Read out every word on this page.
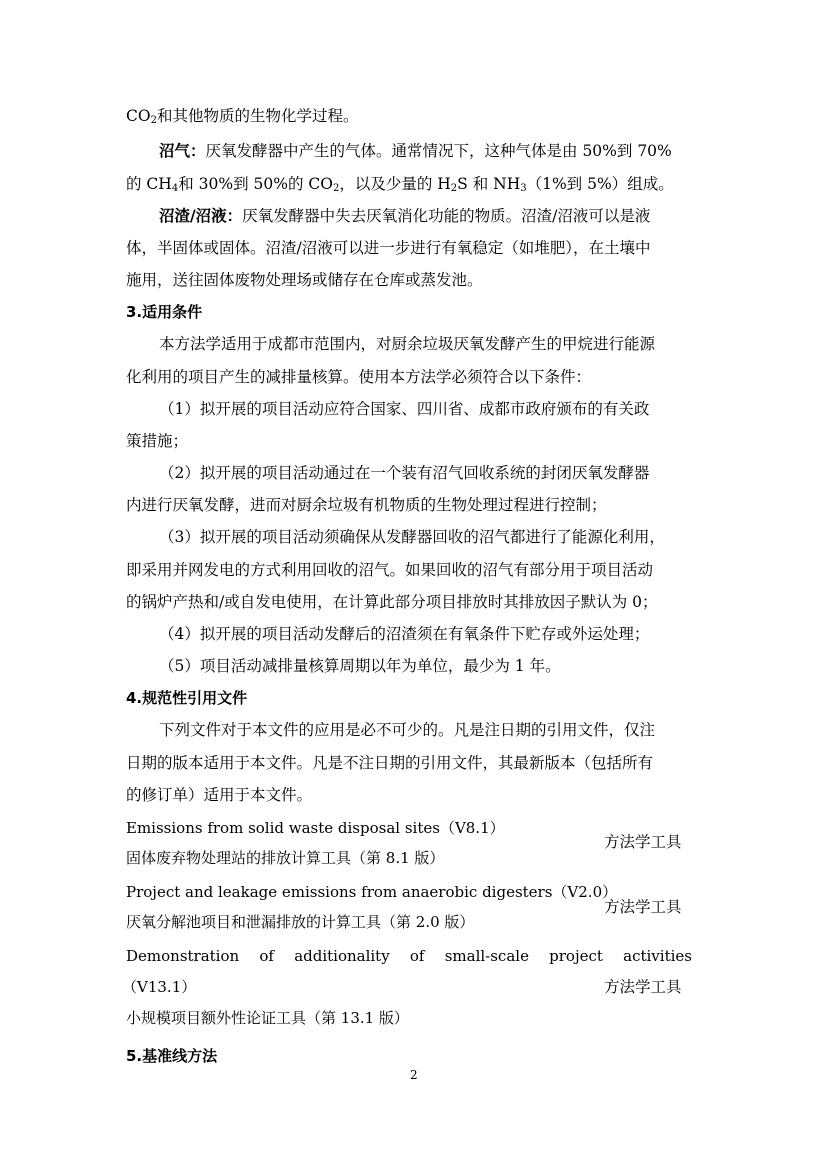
$CO_2$和其他物质的生物化学过程。
沼气：厌氧发酵器中产生的气体。通常情况下，这种气体是由 50%到 70%
的 $CH_4$和 30%到 50%的 $CO_2$，以及少量的 $H_2S$ 和 $NH_3(1\%$到 5%）组成。
沼渣/沼液：厌氧发酵器中失去厌氧消化功能的物质。沼渣/沼液可以是液
体，半固体或固体。沼渣/沼液可以进一步进行有氧稳定（如堆肥），在土壤中
施用，送往固体废物处理场或储存在仓库或蒸发池。
3.适用条件
本方法学适用于成都市范围内，对厨余垃圾厌氧发酵产生的甲烷进行能源
化利用的项目产生的减排量核算。使用本方法学必须符合以下条件：
（1）拟开展的项目活动应符合国家、四川省、成都市政府颁布的有关政
策措施；
（2）拟开展的项目活动通过在一个装有沼气回收系统的封闭厌氧发酵器
内进行厌氧发酵，进而对厨余垃圾有机物质的生物处理过程进行控制；
（3）拟开展的项目活动须确保从发酵器回收的沼气都进行了能源化利用，
即采用并网发电的方式利用回收的沼气。如果回收的沼气有部分用于项目活动
的锅炉产热和/或自发电使用，在计算此部分项目排放时其排放因子默认为 0；
（4）拟开展的项目活动发酵后的沼渣须在有氧条件下贮存或外运处理；
（5）项目活动减排量核算周期以年为单位，最少为 1 年。
4.规范性引用文件
下列文件对于本文件的应用是必不可少的。凡是注日期的引用文件，仅注
日期的版本适用于本文件。凡是不注日期的引用文件，其最新版本（包括所有
的修订单）适用于本文件。
Emissions from solid waste disposal sites（V8.1）
固体废弃物处理站的排放计算工具（第 8.1 版）
方法学工具
Project and leakage emissions from anaerobic digesters（V2.0）
厌氧分解池项目和泄漏排放的计算工具（第 2.0 版）
方法学工具
Demonstration of additionality of small-scale project activities
（V13.1）	方法学工具
小规模项目额外性论证工具（第 13.1 版）
5.基准线方法
2
